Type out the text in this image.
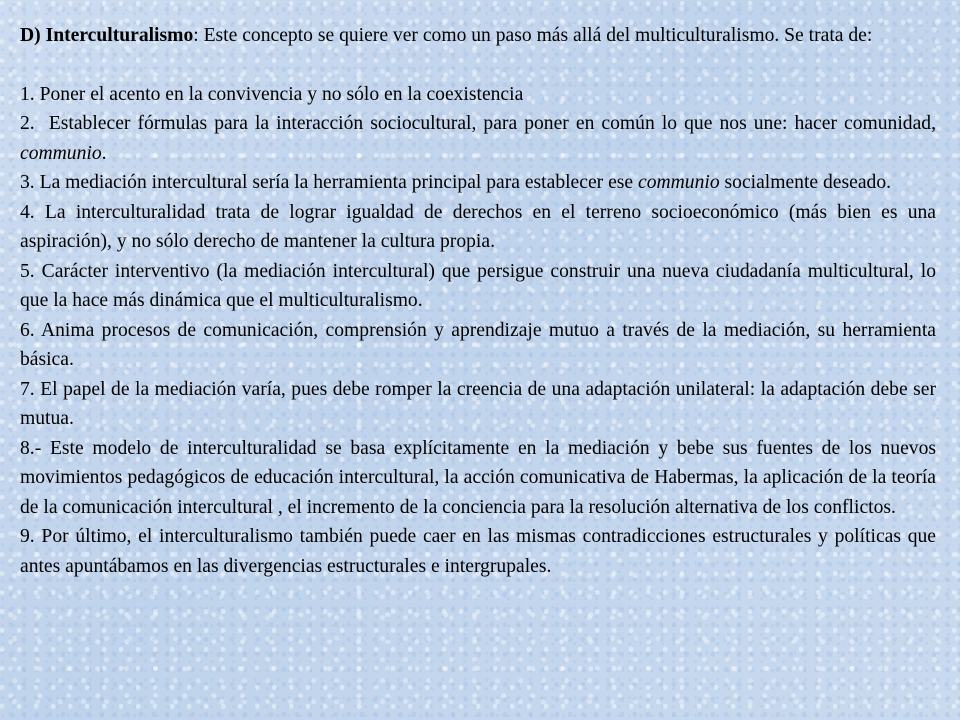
D) Interculturalismo: Este concepto se quiere ver como un paso más allá del multiculturalismo. Se trata de:

1. Poner el acento en la convivencia y no sólo en la coexistencia

2.  Establecer fórmulas para la interacción sociocultural, para poner en común lo que nos une: hacer comunidad,  communio.

3. La mediación intercultural sería la herramienta principal para establecer ese communio socialmente deseado.

4. La interculturalidad trata de lograr igualdad de derechos en el terreno socioeconómico (más bien es una aspiración), y no sólo derecho de mantener la cultura propia.

5. Carácter interventivo (la mediación intercultural) que persigue construir una nueva ciudadanía multicultural, lo que la hace más dinámica que el multiculturalismo.

6. Anima procesos de comunicación, comprensión y aprendizaje mutuo a través de la mediación, su herramienta básica.

7. El papel de la mediación varía, pues debe romper la creencia de una adaptación unilateral: la adaptación debe ser mutua.

8.- Este modelo de interculturalidad se basa explícitamente en la mediación y bebe sus fuentes de los nuevos movimientos pedagógicos de educación intercultural, la acción comunicativa de Habermas, la aplicación de la teoría de la comunicación intercultural , el incremento de la conciencia para la resolución alternativa de los conflictos.

9. Por último, el interculturalismo también puede caer en las mismas contradicciones estructurales y políticas que antes apuntábamos en las divergencias estructurales e intergrupales.
